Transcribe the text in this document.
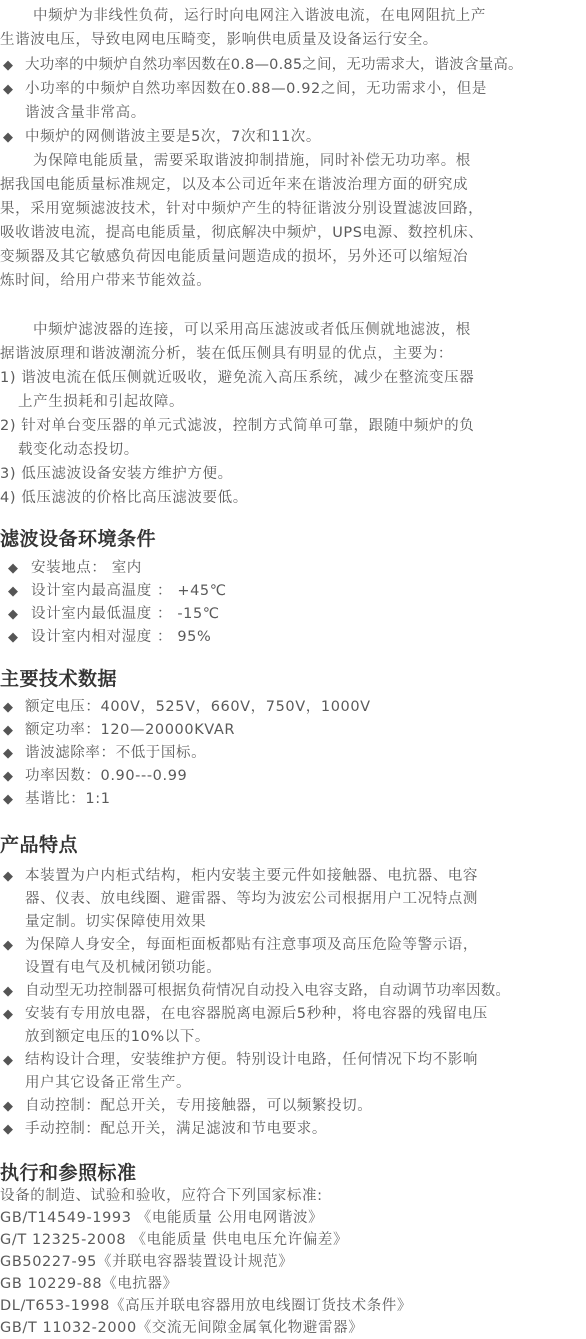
中频炉为非线性负荷，运行时向电网注入谐波电流，在电网阻抗上产

生谐波电压，导致电网电压畸变，影响供电质量及设备运行安全。

◆ 大功率的中频炉自然功率因数在0.8—0.85之间，无功需求大，谐波含量高。
◆ 小功率的中频炉自然功率因数在0.88—0.92之间，无功需求小，但是
谐波含量非常高。
◆ 中频炉的网侧谐波主要是5次，7次和11次。

为保障电能质量，需要采取谐波抑制措施，同时补偿无功功率。根

据我国电能质量标准规定，以及本公司近年来在谐波治理方面的研究成

果，采用宽频滤波技术，针对中频炉产生的特征谐波分别设置滤波回路，

吸收谐波电流，提高电能质量，彻底解决中频炉，UPS电源、数控机床、

变频器及其它敏感负荷因电能质量问题造成的损坏，另外还可以缩短冶

炼时间，给用户带来节能效益。

中频炉滤波器的连接，可以采用高压滤波或者低压侧就地滤波，根

据谐波原理和谐波潮流分析，装在低压侧具有明显的优点，主要为：

1) 谐波电流在低压侧就近吸收，避免流入高压系统，减少在整流变压器
上产生损耗和引起故障。
2) 针对单台变压器的单元式滤波，控制方式简单可靠，跟随中频炉的负
载变化动态投切。
3) 低压滤波设备安装方维护方便。
4) 低压滤波的价格比高压滤波要低。
滤波设备环境条件
◆ 安装地点： 室内
◆ 设计室内最高温度 ： +45℃
◆ 设计室内最低温度 ： -15℃
◆ 设计室内相对湿度 ： 95%
主要技术数据
◆ 额定电压：400V，525V，660V，750V，1000V
◆ 额定功率：120—20000KVAR
◆ 谐波滤除率：不低于国标。
◆ 功率因数：0.90---0.99
◆ 基谐比：1:1
产品特点
◆ 本装置为户内柜式结构，柜内安装主要元件如接触器、电抗器、电容
器、仪表、放电线圈、避雷器、等均为波宏公司根据用户工况特点测
量定制。切实保障使用效果
◆ 为保障人身安全，每面柜面板都贴有注意事项及高压危险等警示语，
设置有电气及机械闭锁功能。
◆ 自动型无功控制器可根据负荷情况自动投入电容支路，自动调节功率因数。
◆ 安装有专用放电器，在电容器脱离电源后5秒种，将电容器的残留电压
放到额定电压的10%以下。
◆ 结构设计合理，安装维护方便。特别设计电路，任何情况下均不影响
用户其它设备正常生产。
◆ 自动控制：配总开关，专用接触器，可以频繁投切。
◆ 手动控制：配总开关，满足滤波和节电要求。
执行和参照标准

设备的制造、试验和验收，应符合下列国家标准:

GB/T14549-1993 《电能质量 公用电网谐波》

G/T 12325-2008 《电能质量 供电电压允许偏差》

GB50227-95《并联电容器装置设计规范》

GB 10229-88《电抗器》

DL/T653-1998《高压并联电容器用放电线圈订货技术条件》

GB/T 11032-2000《交流无间隙金属氧化物避雷器》
